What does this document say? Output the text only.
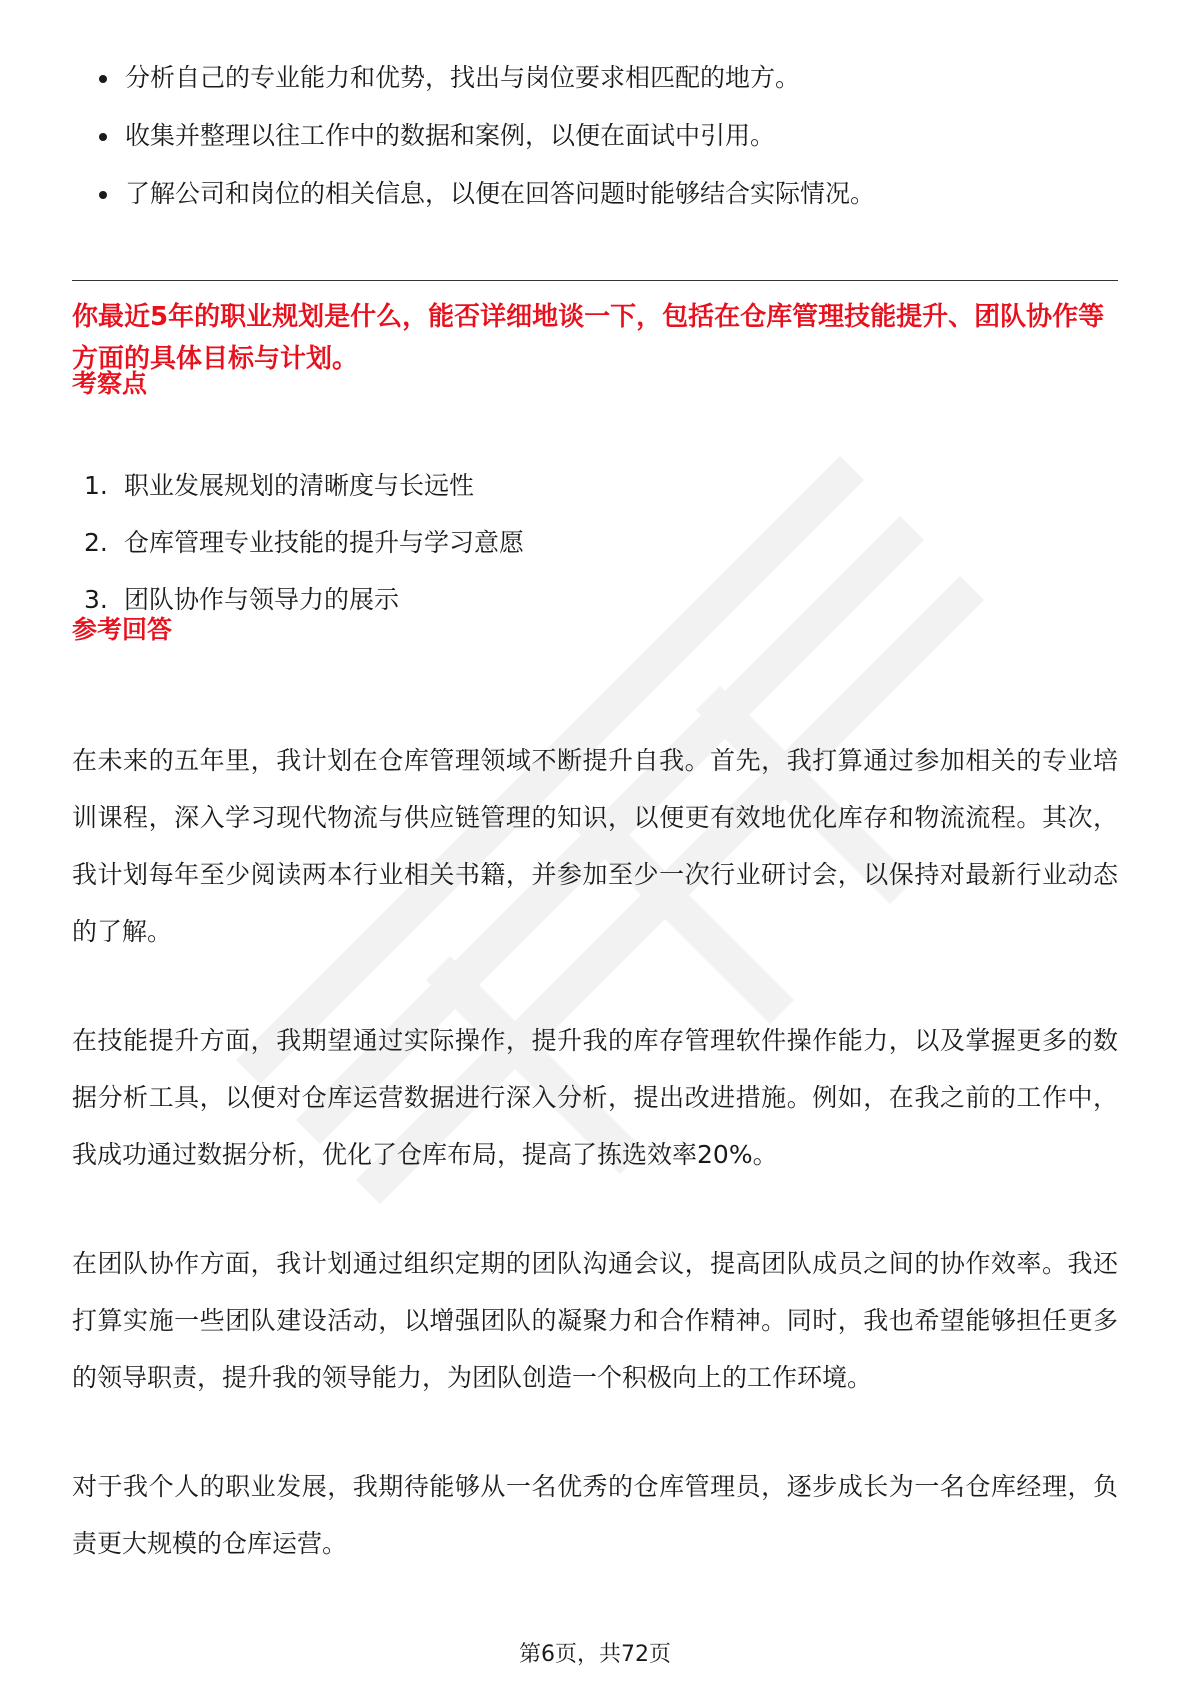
分析自己的专业能力和优势，找出与岗位要求相匹配的地方。
收集并整理以往工作中的数据和案例，以便在面试中引用。
了解公司和岗位的相关信息，以便在回答问题时能够结合实际情况。

你最近5年的职业规划是什么，能否详细地谈一下，包括在仓库管理技能提升、团队协作等方面的具体目标与计划。

考察点
1. 职业发展规划的清晰度与长远性
2. 仓库管理专业技能的提升与学习意愿
3. 团队协作与领导力的展示
参考回答

在未来的五年里，我计划在仓库管理领域不断提升自我。首先，我打算通过参加相关的专业培训课程，深入学习现代物流与供应链管理的知识，以便更有效地优化库存和物流流程。其次，我计划每年至少阅读两本行业相关书籍，并参加至少一次行业研讨会，以保持对最新行业动态的了解。

在技能提升方面，我期望通过实际操作，提升我的库存管理软件操作能力，以及掌握更多的数据分析工具，以便对仓库运营数据进行深入分析，提出改进措施。例如，在我之前的工作中，我成功通过数据分析，优化了仓库布局，提高了拣选效率20%。

在团队协作方面，我计划通过组织定期的团队沟通会议，提高团队成员之间的协作效率。我还打算实施一些团队建设活动，以增强团队的凝聚力和合作精神。同时，我也希望能够担任更多的领导职责，提升我的领导能力，为团队创造一个积极向上的工作环境。

对于我个人的职业发展，我期待能够从一名优秀的仓库管理员，逐步成长为一名仓库经理，负责更大规模的仓库运营。

第6页，共72页
